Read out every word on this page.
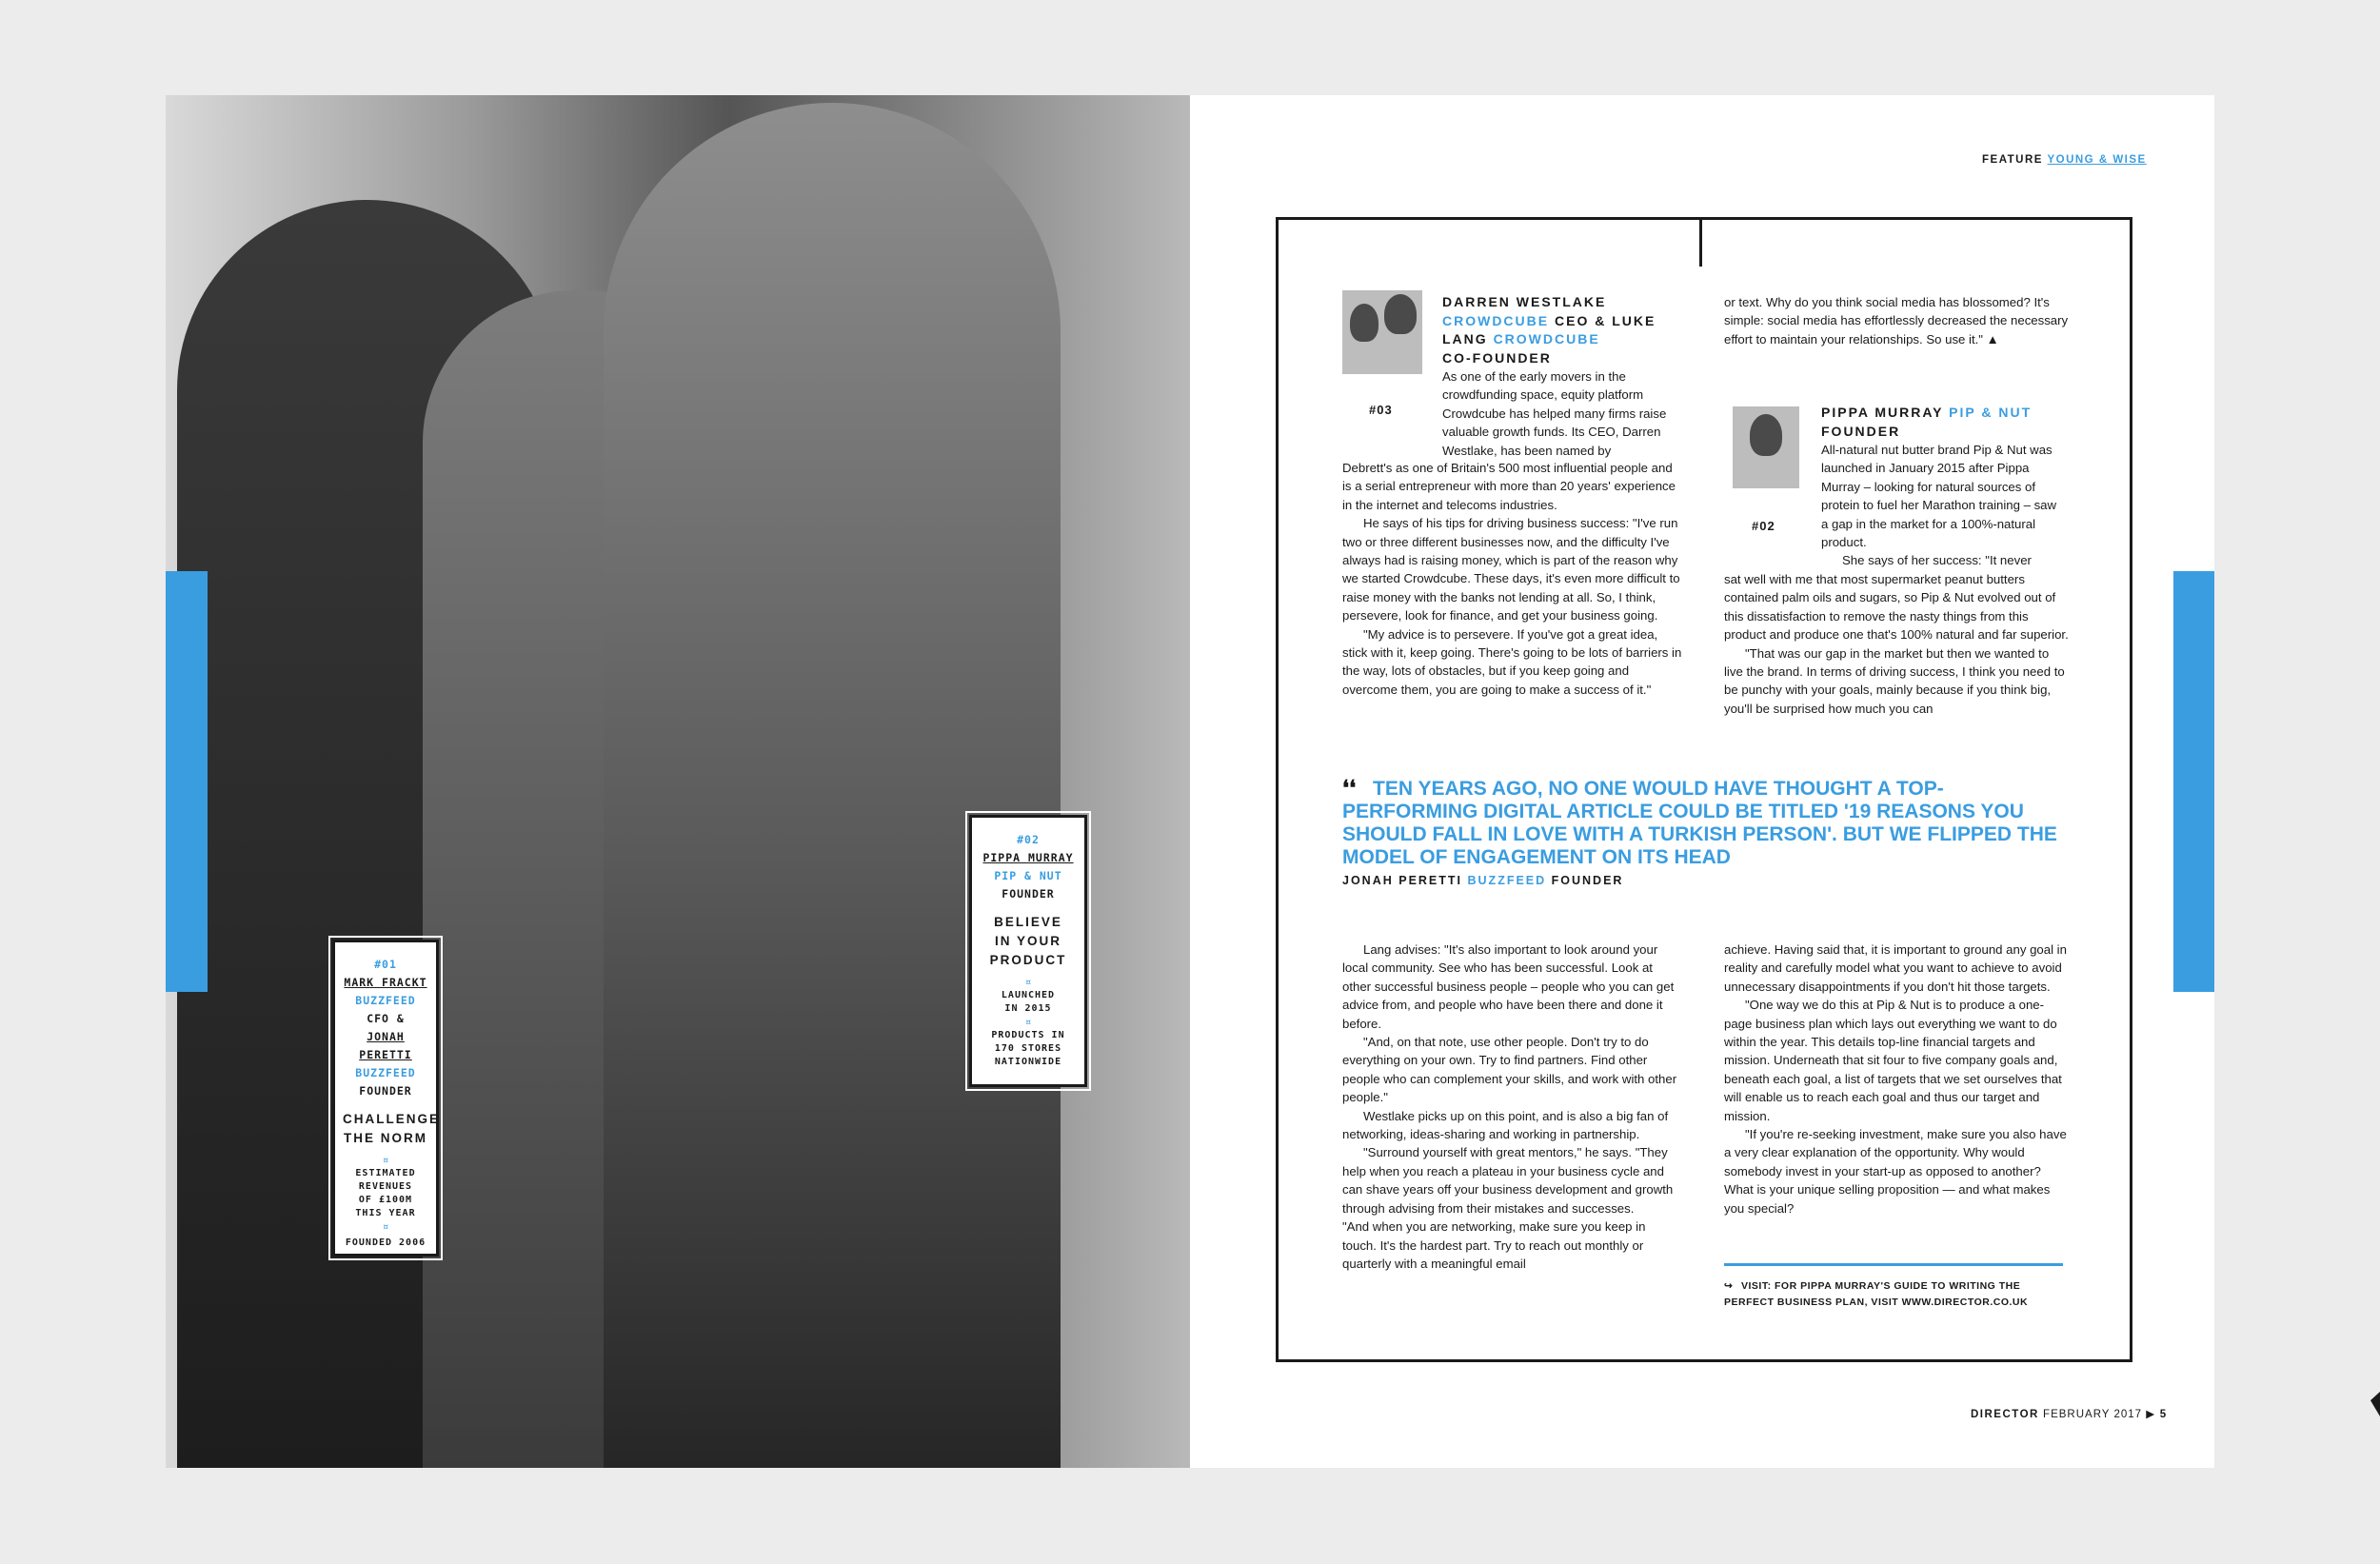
#01
MARK FRACKT
BUZZFEED
CFO &
JONAH
PERETTI
BUZZFEED
FOUNDER
CHALLENGE
THE NORM
¤
ESTIMATED
REVENUES
OF £100M
THIS YEAR
¤
FOUNDED 2006
#02
PIPPA MURRAY
PIP & NUT
FOUNDER
BELIEVE
IN YOUR
PRODUCT
¤
LAUNCHED
IN 2015
¤
PRODUCTS IN
170 STORES
NATIONWIDE
FEATURE YOUNG & WISE
DARREN WESTLAKE
CROWDCUBE CEO & LUKE
LANG CROWDCUBE
CO-FOUNDER
#03

As one of the early movers in the crowdfunding space, equity platform Crowdcube has helped many firms raise valuable growth funds. Its CEO, Darren Westlake, has been named by

Debrett's as one of Britain's 500 most influential people and is a serial entrepreneur with more than 20 years' experience in the internet and telecoms industries.

He says of his tips for driving business success: "I've run two or three different businesses now, and the difficulty I've always had is raising money, which is part of the reason why we started Crowdcube. These days, it's even more difficult to raise money with the banks not lending at all. So, I think, persevere, look for finance, and get your business going.

"My advice is to persevere. If you've got a great idea, stick with it, keep going. There's going to be lots of barriers in the way, lots of obstacles, but if you keep going and overcome them, you are going to make a success of it."

or text. Why do you think social media has blossomed? It's simple: social media has effortlessly decreased the necessary effort to maintain your relationships. So use it." ▲

PIPPA MURRAY PIP & NUT
FOUNDER
#02

All-natural nut butter brand Pip & Nut was launched in January 2015 after Pippa Murray – looking for natural sources of protein to fuel her Marathon training – saw a gap in the market for a 100%-natural product.

She says of her success: "It never

sat well with me that most supermarket peanut butters contained palm oils and sugars, so Pip & Nut evolved out of this dissatisfaction to remove the nasty things from this product and produce one that's 100% natural and far superior.

"That was our gap in the market but then we wanted to live the brand. In terms of driving success, I think you need to be punchy with your goals, mainly because if you think big, you'll be surprised how much you can

❛❛ TEN YEARS AGO, NO ONE WOULD HAVE THOUGHT A TOP-PERFORMING DIGITAL ARTICLE COULD BE TITLED '19 REASONS YOU SHOULD FALL IN LOVE WITH A TURKISH PERSON'. BUT WE FLIPPED THE MODEL OF ENGAGEMENT ON ITS HEAD
JONAH PERETTI BUZZFEED FOUNDER

Lang advises: "It's also important to look around your local community. See who has been successful. Look at other successful business people – people who you can get advice from, and people who have been there and done it before.

"And, on that note, use other people. Don't try to do everything on your own. Try to find partners. Find other people who can complement your skills, and work with other people."

Westlake picks up on this point, and is also a big fan of networking, ideas-sharing and working in partnership.

"Surround yourself with great mentors," he says. "They help when you reach a plateau in your business cycle and can shave years off your business development and growth through advising from their mistakes and successes.

"And when you are networking, make sure you keep in touch. It's the hardest part. Try to reach out monthly or quarterly with a meaningful email

achieve. Having said that, it is important to ground any goal in reality and carefully model what you want to achieve to avoid unnecessary disappointments if you don't hit those targets.

"One way we do this at Pip & Nut is to produce a one-page business plan which lays out everything we want to do within the year. This details top-line financial targets and mission. Underneath that sit four to five company goals and, beneath each goal, a list of targets that we set ourselves that will enable us to reach each goal and thus our target and mission.

"If you're re-seeking investment, make sure you also have a very clear explanation of the opportunity. Why would somebody invest in your start-up as opposed to another? What is your unique selling proposition — and what makes you special?

↪ VISIT: FOR PIPPA MURRAY'S GUIDE TO WRITING THE PERFECT BUSINESS PLAN, VISIT WWW.DIRECTOR.CO.UK
DIRECTOR FEBRUARY 2017 ▶ 5
